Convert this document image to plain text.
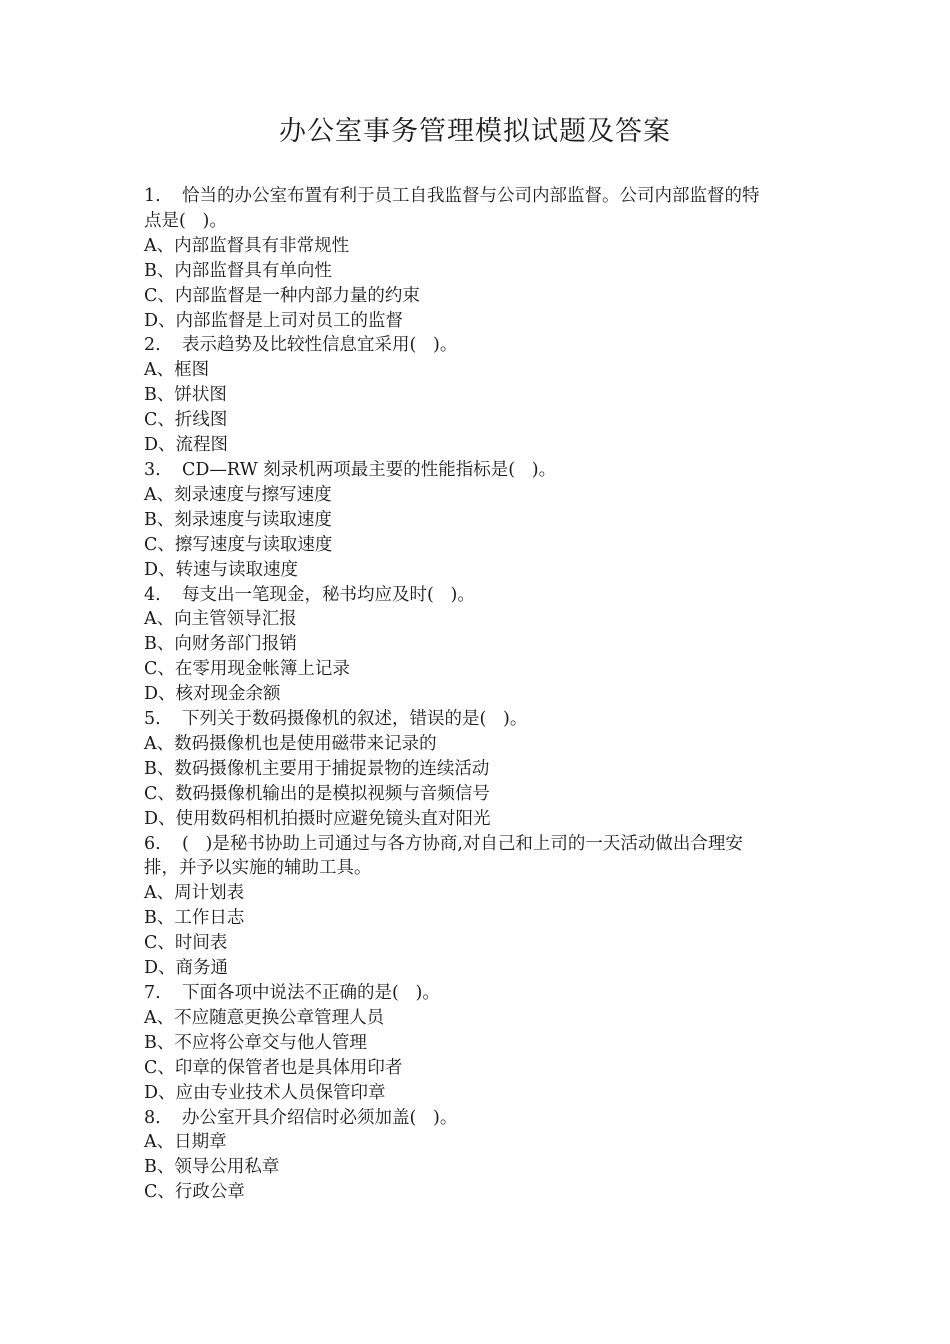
办公室事务管理模拟试题及答案
1. 恰当的办公室布置有利于员工自我监督与公司内部监督。公司内部监督的特
点是(   )。
A、内部监督具有非常规性
B、内部监督具有单向性
C、内部监督是一种内部力量的约束
D、内部监督是上司对员工的监督
2. 表示趋势及比较性信息宜采用(   )。
A、框图
B、饼状图
C、折线图
D、流程图
3. CD—RW 刻录机两项最主要的性能指标是(   )。
A、刻录速度与擦写速度
B、刻录速度与读取速度
C、擦写速度与读取速度
D、转速与读取速度
4. 每支出一笔现金，秘书均应及时(   )。
A、向主管领导汇报
B、向财务部门报销
C、在零用现金帐簿上记录
D、核对现金余额
5. 下列关于数码摄像机的叙述，错误的是(   )。
A、数码摄像机也是使用磁带来记录的
B、数码摄像机主要用于捕捉景物的连续活动
C、数码摄像机输出的是模拟视频与音频信号
D、使用数码相机拍摄时应避免镜头直对阳光
6. (   )是秘书协助上司通过与各方协商,对自己和上司的一天活动做出合理安
排，并予以实施的辅助工具。
A、周计划表
B、工作日志
C、时间表
D、商务通
7. 下面各项中说法不正确的是(   )。
A、不应随意更换公章管理人员
B、不应将公章交与他人管理
C、印章的保管者也是具体用印者
D、应由专业技术人员保管印章
8. 办公室开具介绍信时必须加盖(   )。
A、日期章
B、领导公用私章
C、行政公章
